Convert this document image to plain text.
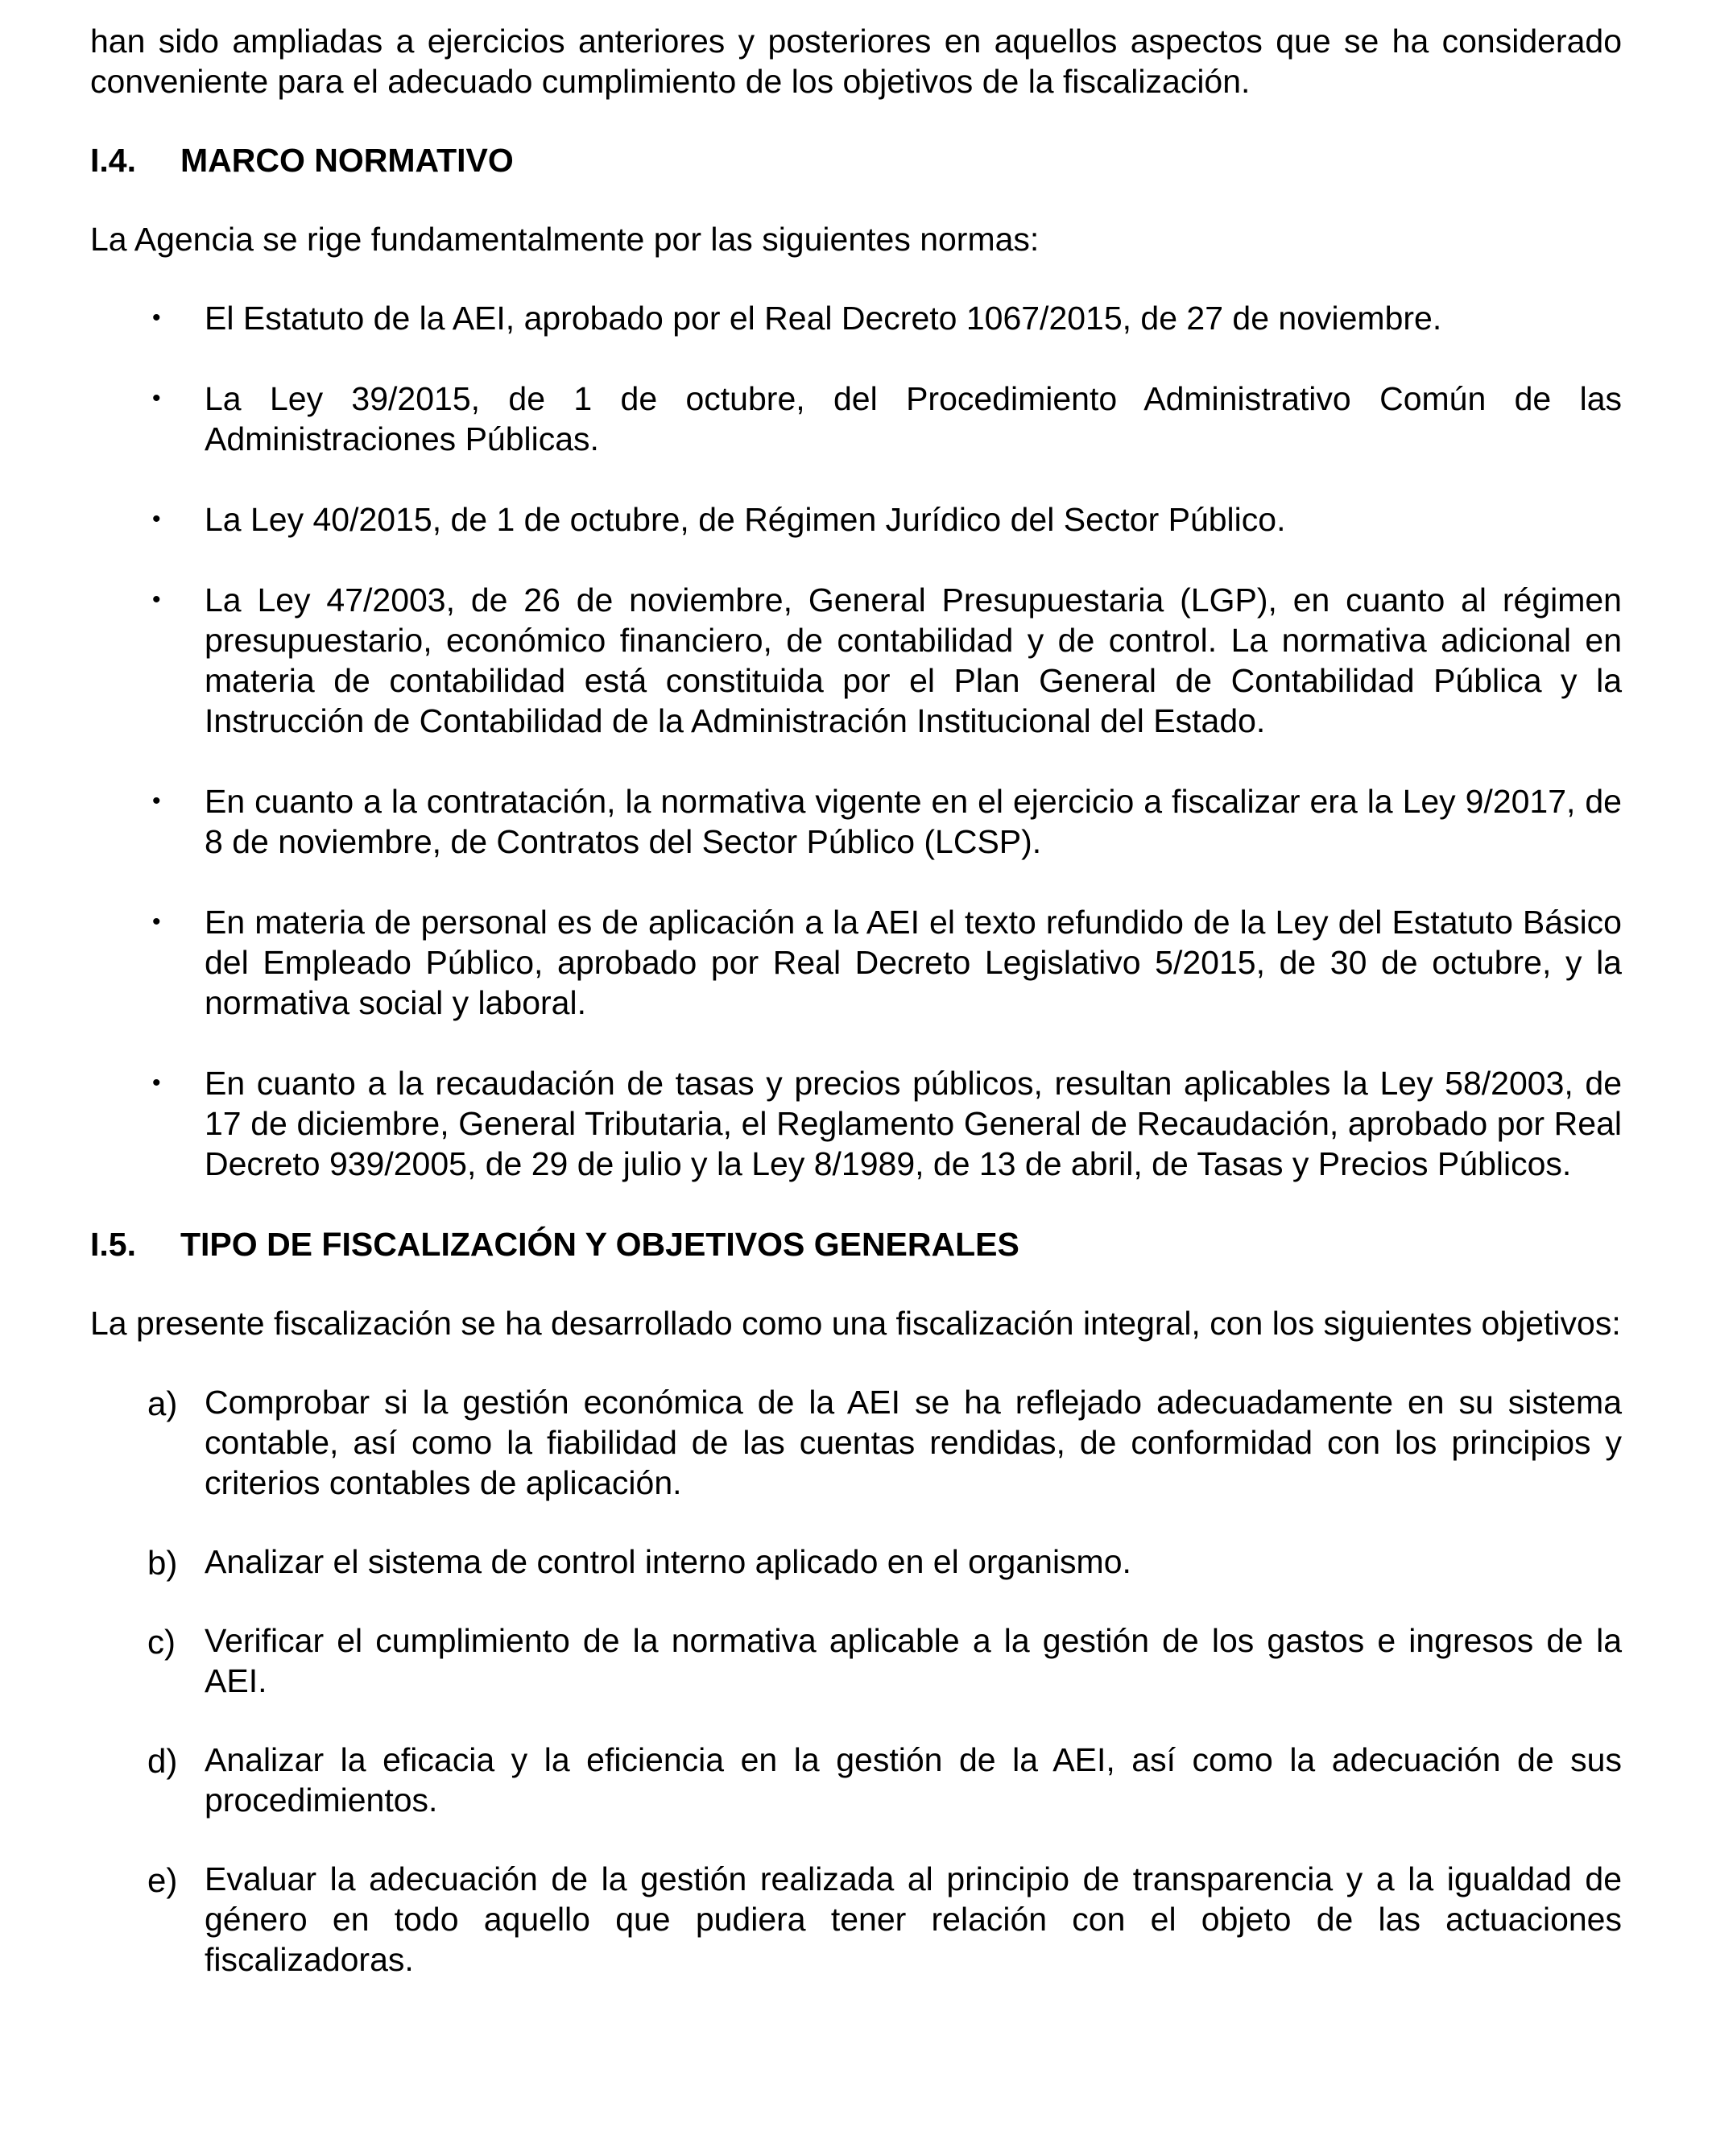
han sido ampliadas a ejercicios anteriores y posteriores en aquellos aspectos que se ha considerado conveniente para el adecuado cumplimiento de los objetivos de la fiscalización.

I.4.	MARCO NORMATIVO

La Agencia se rige fundamentalmente por las siguientes normas:

• El Estatuto de la AEI, aprobado por el Real Decreto 1067/2015, de 27 de noviembre.
• La Ley 39/2015, de 1 de octubre, del Procedimiento Administrativo Común de las Administraciones Públicas.
• La Ley 40/2015, de 1 de octubre, de Régimen Jurídico del Sector Público.
• La Ley 47/2003, de 26 de noviembre, General Presupuestaria (LGP), en cuanto al régimen presupuestario, económico financiero, de contabilidad y de control. La normativa adicional en materia de contabilidad está constituida por el Plan General de Contabilidad Pública y la Instrucción de Contabilidad de la Administración Institucional del Estado.
• En cuanto a la contratación, la normativa vigente en el ejercicio a fiscalizar era la Ley 9/2017, de 8 de noviembre, de Contratos del Sector Público (LCSP).
• En materia de personal es de aplicación a la AEI el texto refundido de la Ley del Estatuto Básico del Empleado Público, aprobado por Real Decreto Legislativo 5/2015, de 30 de octubre, y la normativa social y laboral.
• En cuanto a la recaudación de tasas y precios públicos, resultan aplicables la Ley 58/2003, de 17 de diciembre, General Tributaria, el Reglamento General de Recaudación, aprobado por Real Decreto 939/2005, de 29 de julio y la Ley 8/1989, de 13 de abril, de Tasas y Precios Públicos.
I.5.	TIPO DE FISCALIZACIÓN Y OBJETIVOS GENERALES

La presente fiscalización se ha desarrollado como una fiscalización integral, con los siguientes objetivos:

a) Comprobar si la gestión económica de la AEI se ha reflejado adecuadamente en su sistema contable, así como la fiabilidad de las cuentas rendidas, de conformidad con los principios y criterios contables de aplicación.
b) Analizar el sistema de control interno aplicado en el organismo.
c) Verificar el cumplimiento de la normativa aplicable a la gestión de los gastos e ingresos de la AEI.
d) Analizar la eficacia y la eficiencia en la gestión de la AEI, así como la adecuación de sus procedimientos.
e) Evaluar la adecuación de la gestión realizada al principio de transparencia y a la igualdad de género en todo aquello que pudiera tener relación con el objeto de las actuaciones fiscalizadoras.
